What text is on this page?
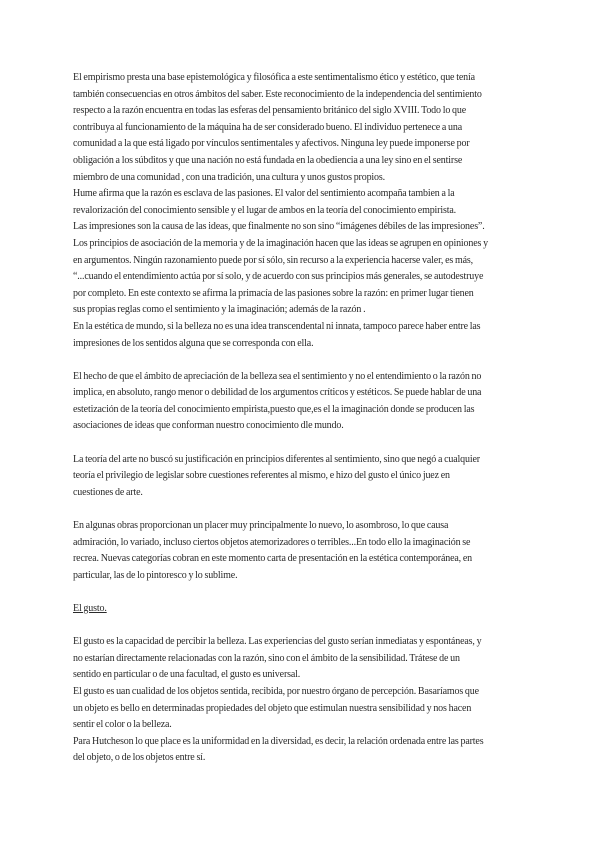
El empirismo presta una base epistemológica y filosófica a este sentimentalismo ético y estético, que tenía
también consecuencias en otros ámbitos del saber. Este reconocimiento de la independencia del sentimiento
respecto a la razón encuentra en todas las esferas del pensamiento británico del siglo XVIII. Todo lo que
contribuya al funcionamiento de la máquina ha de ser considerado bueno. El individuo pertenece a una
comunidad a la que está ligado por vínculos sentimentales y afectivos. Ninguna ley puede imponerse por
obligación a los súbditos y que una nación no está fundada en la obediencia a una ley sino en el sentirse
miembro de una comunidad , con una tradición, una cultura y unos gustos propios.
Hume afirma que la razón es esclava de las pasiones. El valor del sentimiento acompaña tambien a la
revalorización del conocimiento sensible y el lugar de ambos en la teoría del conocimiento empirista.
Las impresiones son la causa de las ideas, que finalmente no son sino “imágenes débiles de las impresiones”.
Los principios de asociación de la memoria y de la imaginación hacen que las ideas se agrupen en opiniones y
en argumentos. Ningún razonamiento puede por sí sólo, sin recurso a la experiencia hacerse valer, es más,
“...cuando el entendimiento actúa por sí solo, y de acuerdo con sus principios más generales, se autodestruye
por completo. En este contexto se afirma la primacía de las pasiones sobre la razón: en primer lugar tienen
sus propias reglas como el sentimiento y la imaginación; además de la razón .
En la estética de mundo, si la belleza no es una idea transcendental ni innata, tampoco parece haber entre las
impresiones de los sentidos alguna que se corresponda con ella.
El hecho de que el ámbito de apreciación de la belleza sea el sentimiento y no el entendimiento o la razón no
implica, en absoluto, rango menor o debilidad de los argumentos críticos y estéticos. Se puede hablar de una
estetización de la teoría del conocimiento empirista,puesto que,es el la imaginación donde se producen las
asociaciones de ideas que conforman nuestro conocimiento dle mundo.
La teoría del arte no buscó su justificación en principios diferentes al sentimiento, sino que negó a cualquier
teoría el privilegio de legislar sobre cuestiones referentes al mismo, e hizo del gusto el único juez en
cuestiones de arte.
En algunas obras proporcionan un placer muy principalmente lo nuevo, lo asombroso, lo que causa
admiración, lo variado, incluso ciertos objetos atemorizadores o terribles...En todo ello la imaginación se
recrea. Nuevas categorías cobran en este momento carta de presentación en la estética contemporánea, en
particular, las de lo pintoresco y lo sublime.
El gusto.
El gusto es la capacidad de percibir la belleza. Las experiencias del gusto serían inmediatas y espontáneas, y
no estarían directamente relacionadas con la razón, sino con el ámbito de la sensibilidad. Trátese de un
sentido en particular o de una facultad, el gusto es universal.
El gusto es uan cualidad de los objetos sentida, recibida, por nuestro órgano de percepción. Basaríamos que
un objeto es bello en determinadas propiedades del objeto que estimulan nuestra sensibilidad y nos hacen
sentir el color o la belleza.
Para Hutcheson lo que place es la uniformidad en la diversidad, es decir, la relación ordenada entre las partes
del objeto, o de los objetos entre sí.
